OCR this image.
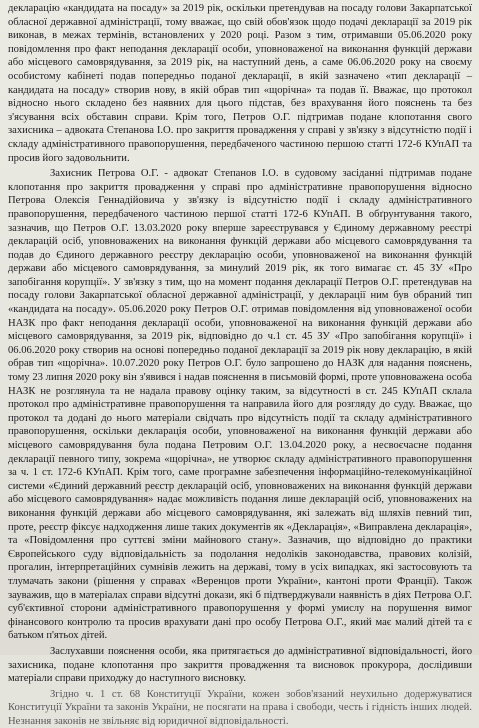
декларацію «кандидата на посаду» за 2019 рік, оскільки претендував на посаду голови Закарпатської обласної державної адміністрації, тому вважає, що свій обов'язок щодо подачі декларації за 2019 рік виконав, в межах термінів, встановлених у 2020 році. Разом з тим, отримавши 05.06.2020 року повідомлення про факт неподання декларації особи, уповноваженої на виконання функцій держави або місцевого самоврядування, за 2019 рік, на наступний день, а саме 06.06.2020 року на своєму особистому кабінеті подав попередньо поданої декларації, в якій зазначено «тип декларації – кандидата на посаду» створив нову, в якій обрав тип «щорічна» та подав її. Вважає, що протокол відносно нього складено без наявних для цього підстав, без врахування його пояснень та без з'ясування всіх обставин справи. Крім того, Петров О.Г. підтримав подане клопотання свого захисника – адвоката Степанова І.О. про закриття провадження у справі у зв'язку з відсутністю події і складу адміністративного правопорушення, передбаченого частиною першою статті 172-6 КУпАП та просив його задовольнити.

Захисник Петрова О.Г. - адвокат Степанов І.О. в судовому засіданні підтримав подане клопотання про закриття провадження у справі про адміністративне правопорушення відносно Петрова Олексія Геннадійовича у зв'язку із відсутністю події і складу адміністративного правопорушення, передбаченого частиною першої статті 172-6 КУпАП. В обґрунтування такого, зазначив, що Петров О.Г. 13.03.2020 року вперше зареєструвався у Єдиному державному реєстрі декларацій осіб, уповноважених на виконання функцій держави або місцевого самоврядування та подав до Єдиного державного реєстру декларацію особи, уповноваженої на виконання функцій держави або місцевого самоврядування, за минулий 2019 рік, як того вимагає ст. 45 ЗУ «Про запобігання корупції». У зв'язку з тим, що на момент подання декларації Петров О.Г. претендував на посаду голови Закарпатської обласної державної адміністрації, у декларації ним був обраний тип «кандидата на посаду». 05.06.2020 року Петров О.Г. отримав повідомлення від уповноваженої особи НАЗК про факт неподання декларації особи, уповноваженої на виконання функцій держави або місцевого самоврядування, за 2019 рік, відповідно до ч.1 ст. 45 ЗУ «Про запобігання корупції» і 06.06.2020 року створив на основі попередньо поданої декларації за 2019 рік нову декларацію, в якій обрав тип «щорічна». 10.07.2020 року Петров О.Г. було запрошено до НАЗК для надання пояснень, тому 23 липня 2020 року він з'явився і надав пояснення в письмовій формі, проте уповноважена особа НАЗК не розглянула та не надала правову оцінку таким, за відсутності в ст. 245 КУпАП склала протокол про адміністративне правопорушення та направила його для розгляду до суду. Вважає, що протокол та додані до нього матеріали свідчать про відсутність події та складу адміністративного правопорушення, оскільки декларація особи, уповноваженої на виконання функцій держави або місцевого самоврядування була подана Петровим О.Г. 13.04.2020 року, а несвоєчасне подання декларації певного типу, зокрема «щорічна», не утворює складу адміністративного правопорушення за ч. 1 ст. 172-6 КУпАП. Крім того, саме програмне забезпечення інформаційно-телекомунікаційної системи «Єдиний державний реєстр декларацій осіб, уповноважених на виконання функцій держави або місцевого самоврядування» надає можливість подання лише декларацій осіб, уповноважених на виконання функцій держави або місцевого самоврядування, які залежать від шляхів певний тип, проте, реєстр фіксує надходження лише таких документів як «Декларація», «Виправлена декларація», та «Повідомлення про суттєві зміни майнового стану». Зазначив, що відповідно до практики Європейського суду відповідальність за подолання недоліків законодавства, правових колізій, прогалин, інтерпретаційних сумнівів лежить на державі, тому в усіх випадках, які застосовують та тлумачать закони (рішення у справах «Веренцов проти України», кантоні проти Франції). Також зауважив, що в матеріалах справи відсутні докази, які б підтверджували наявність в діях Петрова О.Г. суб'єктивної сторони адміністративного правопорушення у формі умислу на порушення вимог фінансового контролю та просив врахувати дані про особу Петрова О.Г., який має малий дітей та є батьком п'ятьох дітей.

Заслухавши пояснення особи, яка притягається до адміністративної відповідальності, його захисника, подане клопотання про закриття провадження та висновок прокурора, дослідивши матеріали справи приходжу до наступного висновку.

Згідно ч. 1 ст. 68 Конституції України, кожен зобов'язаний неухильно додержуватися Конституції України та законів України, не посягати на права і свободи, честь і гідність інших людей. Незнання законів не звільняє від юридичної відповідальності.
